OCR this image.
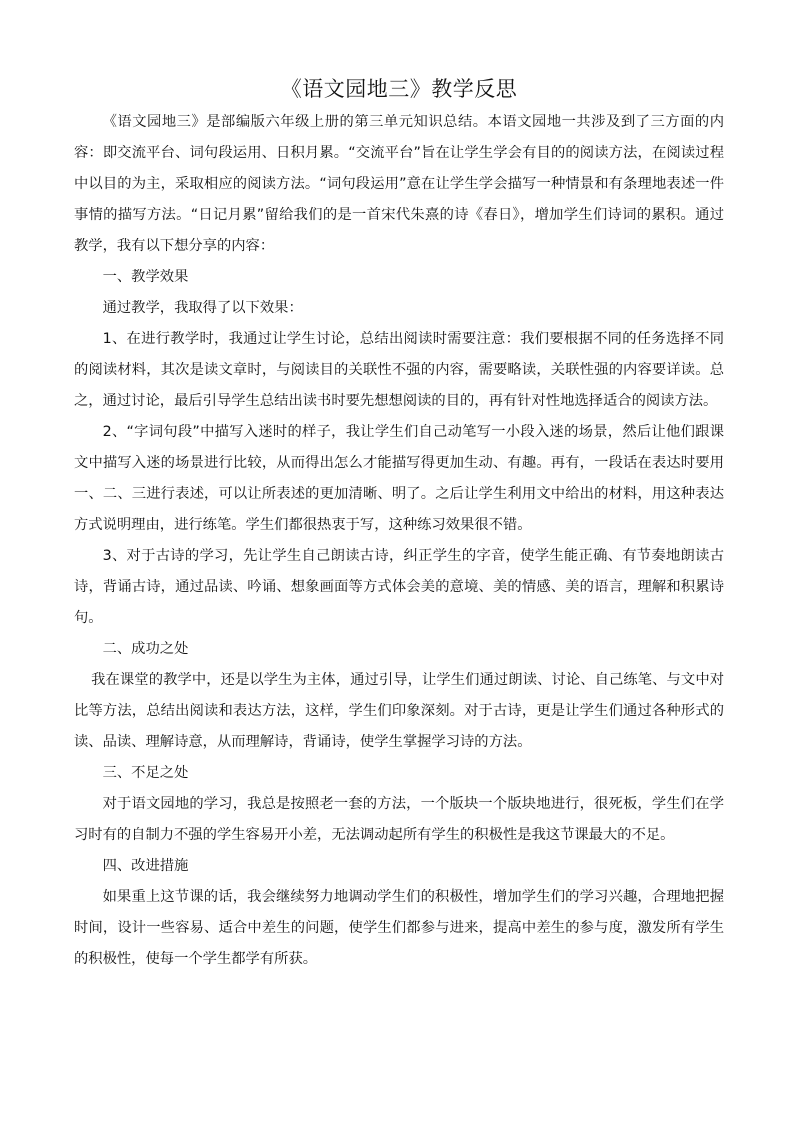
《语文园地三》教学反思

《语文园地三》是部编版六年级上册的第三单元知识总结。本语文园地一共涉及到了三方面的内容：即交流平台、词句段运用、日积月累。“交流平台”旨在让学生学会有目的的阅读方法，在阅读过程中以目的为主，采取相应的阅读方法。“词句段运用”意在让学生学会描写一种情景和有条理地表述一件事情的描写方法。“日记月累”留给我们的是一首宋代朱熹的诗《春日》，增加学生们诗词的累积。通过教学，我有以下想分享的内容：

一、教学效果

通过教学，我取得了以下效果：

1、在进行教学时，我通过让学生讨论，总结出阅读时需要注意：我们要根据不同的任务选择不同的阅读材料，其次是读文章时，与阅读目的关联性不强的内容，需要略读，关联性强的内容要详读。总之，通过讨论，最后引导学生总结出读书时要先想想阅读的目的，再有针对性地选择适合的阅读方法。

2、“字词句段”中描写入迷时的样子，我让学生们自己动笔写一小段入迷的场景，然后让他们跟课文中描写入迷的场景进行比较，从而得出怎么才能描写得更加生动、有趣。再有，一段话在表达时要用一、二、三进行表述，可以让所表述的更加清晰、明了。之后让学生利用文中给出的材料，用这种表达方式说明理由，进行练笔。学生们都很热衷于写，这种练习效果很不错。

3、对于古诗的学习，先让学生自己朗读古诗，纠正学生的字音，使学生能正确、有节奏地朗读古诗，背诵古诗，通过品读、吟诵、想象画面等方式体会美的意境、美的情感、美的语言，理解和积累诗句。

二、成功之处

我在课堂的教学中，还是以学生为主体，通过引导，让学生们通过朗读、讨论、自己练笔、与文中对比等方法，总结出阅读和表达方法，这样，学生们印象深刻。对于古诗，更是让学生们通过各种形式的读、品读、理解诗意，从而理解诗，背诵诗，使学生掌握学习诗的方法。

三、不足之处

对于语文园地的学习，我总是按照老一套的方法，一个版块一个版块地进行，很死板，学生们在学习时有的自制力不强的学生容易开小差，无法调动起所有学生的积极性是我这节课最大的不足。

四、改进措施

如果重上这节课的话，我会继续努力地调动学生们的积极性，增加学生们的学习兴趣，合理地把握时间，设计一些容易、适合中差生的问题，使学生们都参与进来，提高中差生的参与度，激发所有学生的积极性，使每一个学生都学有所获。
